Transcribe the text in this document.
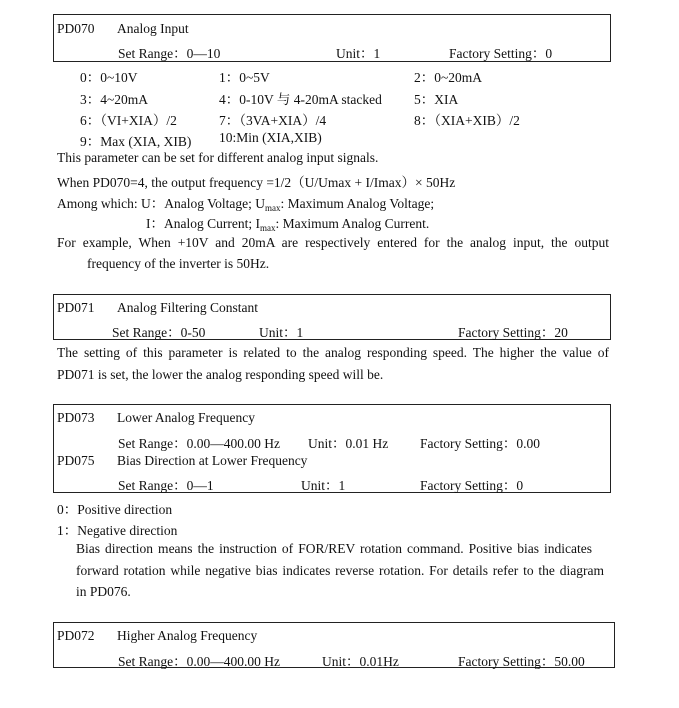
PD070 Analog Input
Set Range：0—10	Unit：1	Factory Setting：0
0：0~10V	1：0~5V	2：0~20mA
3：4~20mA	4：0-10V 与 4-20mA stacked 5：XIA
6：（VI+XIA）/2	7：（3VA+XIA）/4	8：（XIA+XIB）/2
9：Max (XIA, XIB) 10:Min (XIA,XIB)
This parameter can be set for different analog input signals.
When PD070=4, the output frequency =1/2（U/Umax + I/Imax）× 50Hz
Among which: U：Analog Voltage; $U_{max}$: Maximum Analog Voltage;
I：Analog Current; $I_{max}$: Maximum Analog Current.
For example, When +10V and 20mA are respectively entered for the analog input, the output
frequency of the inverter is 50Hz.
PD071 Analog Filtering Constant
Set Range：0-50	Unit：1	Factory Setting：20
The setting of this parameter is related to the analog responding speed. The higher the value of
PD071 is set, the lower the analog responding speed will be.
PD073 Lower Analog Frequency
Set Range：0.00—400.00 Hz Unit：0.01 Hz Factory Setting：0.00
PD075 Bias Direction at Lower Frequency
Set Range：0—1	Unit：1	Factory Setting：0
0：Positive direction
1：Negative direction
Bias direction means the instruction of FOR/REV rotation command. Positive bias indicates
forward rotation while negative bias indicates reverse rotation. For details refer to the diagram
in PD076.
PD072 Higher Analog Frequency
Set Range：0.00—400.00 Hz	Unit：0.01Hz	Factory Setting：50.00
